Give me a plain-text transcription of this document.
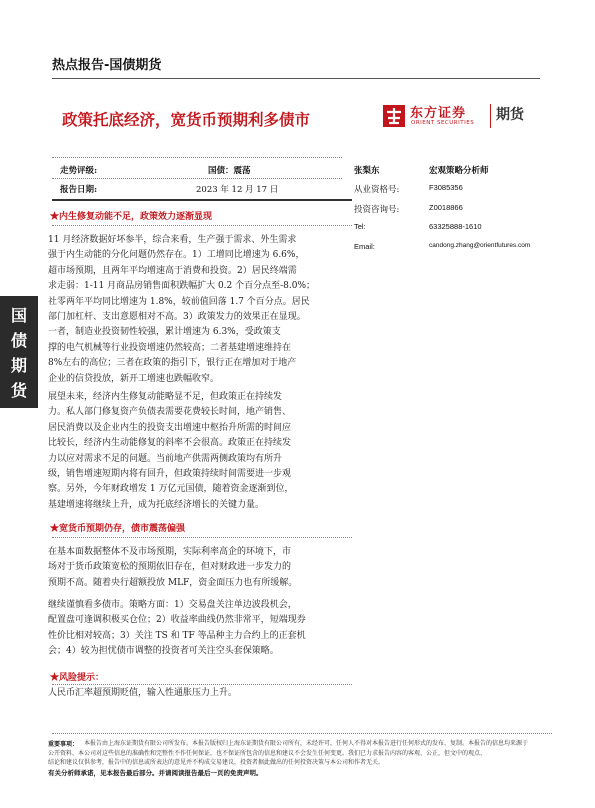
热点报告-国债期货
政策托底经济，宽货币预期利多债市	东方证券
ORIENT SECURITIES 期货
走势评级:	国债：震荡
报告日期:	2023 年 12 月 17 日
张梨东	宏观策略分析师
从业资格号:	F3085356
投资咨询号:	Z0018866
Tel:	63325888-1610
Email:	candong.zhang@orientfutures.com
国
债
期
货
★内生修复动能不足，政策效力逐渐显现
11 月经济数据好坏参半，综合来看，生产强于需求、外生需求
强于内生动能的分化问题仍然存在。1）工增同比增速为 6.6%，
超市场预期，且两年平均增速高于消费和投资。2）居民终端需
求走弱：1-11 月商品房销售面积跌幅扩大 0.2 个百分点至-8.0%；
社零两年平均同比增速为 1.8%，较前值回落 1.7 个百分点。居民
部门加杠杆、支出意愿相对不高。3）政策发力的效果正在显现。
一者，制造业投资韧性较强，累计增速为 6.3%，受政策支
撑的电气机械等行业投资增速仍然较高；二者基建增速维持在
8%左右的高位；三者在政策的指引下，银行正在增加对于地产
企业的信贷投放，新开工增速也跌幅收窄。
展望未来，经济内生修复动能略显不足，但政策正在持续发
力。私人部门修复资产负债表需要花费较长时间，地产销售、
居民消费以及企业内生的投资支出增速中枢抬升所需的时间应
比较长，经济内生动能修复的斜率不会很高。政策正在持续发
力以应对需求不足的问题。当前地产供需两侧政策均有所升
级，销售增速短期内将有回升，但政策持续时间需要进一步观
察。另外，今年财政增发 1 万亿元国债，随着资金逐渐到位，
基建增速将继续上升，成为托底经济增长的关键力量。
★宽货币预期仍存，债市震荡偏强
在基本面数据整体不及市场预期，实际利率高企的环境下，市
场对于货币政策宽松的预期依旧存在，但对财政进一步发力的
预期不高。随着央行超额投放 MLF，资金面压力也有所缓解。
继续谨慎看多债市。策略方面：1）交易盘关注单边波段机会，
配置盘可逢调积极买仓位；2）收益率曲线仍然非常平，短端现券
性价比相对较高；3）关注 TS 和 TF 等品种主力合约上的正套机
会；4）较为担忧债市调整的投资者可关注空头套保策略。
★风险提示：
人民币汇率超预期贬值，输入性通胀压力上升。
重要事项： 本报告由上海东证期货有限公司所发布。本报告版权归上海东证期货有限公司所有，未经许可，任何人不得对本报告进行任何形式的发布、复制。本报告的信息均来源于
公开资料，本公司对这些信息的准确性和完整性不作任何保证，也不保证所包含的信息和建议不会发生任何变更。我们已力求报告内容的客观、公正，但文中的观点、
结论和建议仅供参考，报告中的信息或所表达的意见并不构成交易建议，投资者据此做出的任何投资决策与本公司和作者无关。
有关分析师承诺，见本报告最后部分。并请阅读报告最后一页的免责声明。
